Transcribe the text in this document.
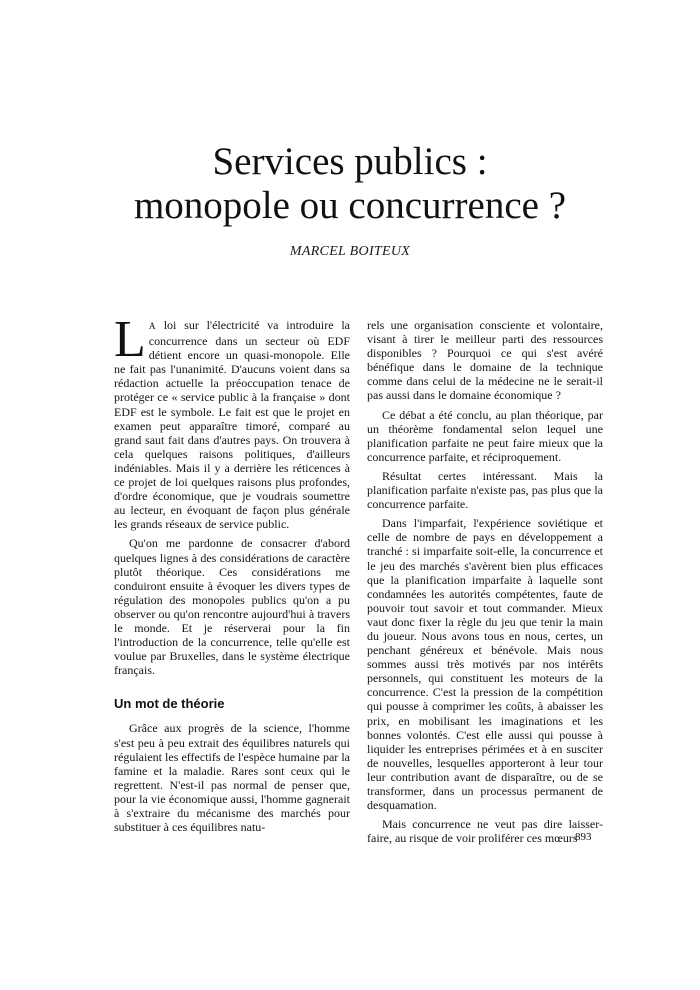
Services publics :
monopole ou concurrence ?
MARCEL BOITEUX

L A loi sur l'électricité va introduire la concurrence dans un secteur où EDF détient encore un quasi-monopole. Elle ne fait pas l'unanimité. D'aucuns voient dans sa rédaction actuelle la préoccupation tenace de protéger ce « service public à la française » dont EDF est le symbole. Le fait est que le projet en examen peut apparaître timoré, comparé au grand saut fait dans d'autres pays. On trouvera à cela quelques raisons politiques, d'ailleurs indéniables. Mais il y a derrière les réticences à ce projet de loi quelques raisons plus profondes, d'ordre économique, que je voudrais soumettre au lecteur, en évoquant de façon plus générale les grands réseaux de service public.

Qu'on me pardonne de consacrer d'abord quelques lignes à des considérations de caractère plutôt théorique. Ces considérations me conduiront ensuite à évoquer les divers types de régulation des monopoles publics qu'on a pu observer ou qu'on rencontre aujourd'hui à travers le monde. Et je réserverai pour la fin l'introduction de la concurrence, telle qu'elle est voulue par Bruxelles, dans le système électrique français.

Un mot de théorie

Grâce aux progrès de la science, l'homme s'est peu à peu extrait des équilibres naturels qui régulaient les effectifs de l'espèce humaine par la famine et la maladie. Rares sont ceux qui le regrettent. N'est-il pas normal de penser que, pour la vie économique aussi, l'homme gagnerait à s'extraire du mécanisme des marchés pour substituer à ces équilibres natu-

rels une organisation consciente et volontaire, visant à tirer le meilleur parti des ressources disponibles ? Pourquoi ce qui s'est avéré bénéfique dans le domaine de la technique comme dans celui de la médecine ne le serait-il pas aussi dans le domaine économique ?

Ce débat a été conclu, au plan théorique, par un théorème fondamental selon lequel une planification parfaite ne peut faire mieux que la concurrence parfaite, et réciproquement.

Résultat certes intéressant. Mais la planification parfaite n'existe pas, pas plus que la concurrence parfaite.

Dans l'imparfait, l'expérience soviétique et celle de nombre de pays en développement a tranché : si imparfaite soit-elle, la concurrence et le jeu des marchés s'avèrent bien plus efficaces que la planification imparfaite à laquelle sont condamnées les autorités compétentes, faute de pouvoir tout savoir et tout commander. Mieux vaut donc fixer la règle du jeu que tenir la main du joueur. Nous avons tous en nous, certes, un penchant généreux et bénévole. Mais nous sommes aussi très motivés par nos intérêts personnels, qui constituent les moteurs de la concurrence. C'est la pression de la compétition qui pousse à comprimer les coûts, à abaisser les prix, en mobilisant les imaginations et les bonnes volontés. C'est elle aussi qui pousse à liquider les entreprises périmées et à en susciter de nouvelles, lesquelles apporteront à leur tour leur contribution avant de disparaître, ou de se transformer, dans un processus permanent de desquamation.

Mais concurrence ne veut pas dire laisser-faire, au risque de voir proliférer ces mœurs

893
